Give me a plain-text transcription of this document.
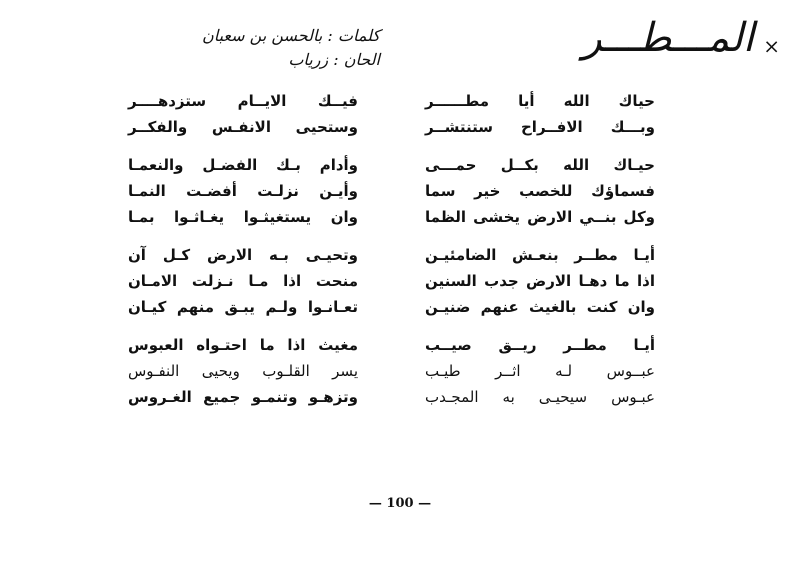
المـــطـــر ×
كلمات : بالحسن بن سعبان
الحان : زرياب
حياك الله أيا مطــــــر
وبـــك الافــراح ستنتشــر
حيـاك الله بكــل حمـــى
فسماؤك للخصب خير سما
وكل بنــي الارض يخشى الظما
أيـا مطــر بنعـش الضامئيـن
اذا ما دهـا الارض جدب السنين
وان كنت بالغيث عنهم ضنيـن
أيـا مطــر ريــق صيــب
عبــوس لـه اثــر طيـب
عبـوس سيحيـى به المجـدب
فيــك الايــام ستزدهــــر
وستحيى الانفـس والفكــر
وأدام بـك الفضـل والنعمـا
وأيـن نزلـت أفضـت النمـا
وان يستغيثـوا يغـاثـوا بمـا
وتحيـى بـه الارض كـل آن
منحت اذا مـا نـزلت الامـان
تعـانـوا ولـم يبـق منهم كيـان
مغيث اذا ما احتـواه العبوس
يسر القلـوب ويحيى النفـوس
وتزهـو وتنمـو جميع الغـروس
— 100 —
